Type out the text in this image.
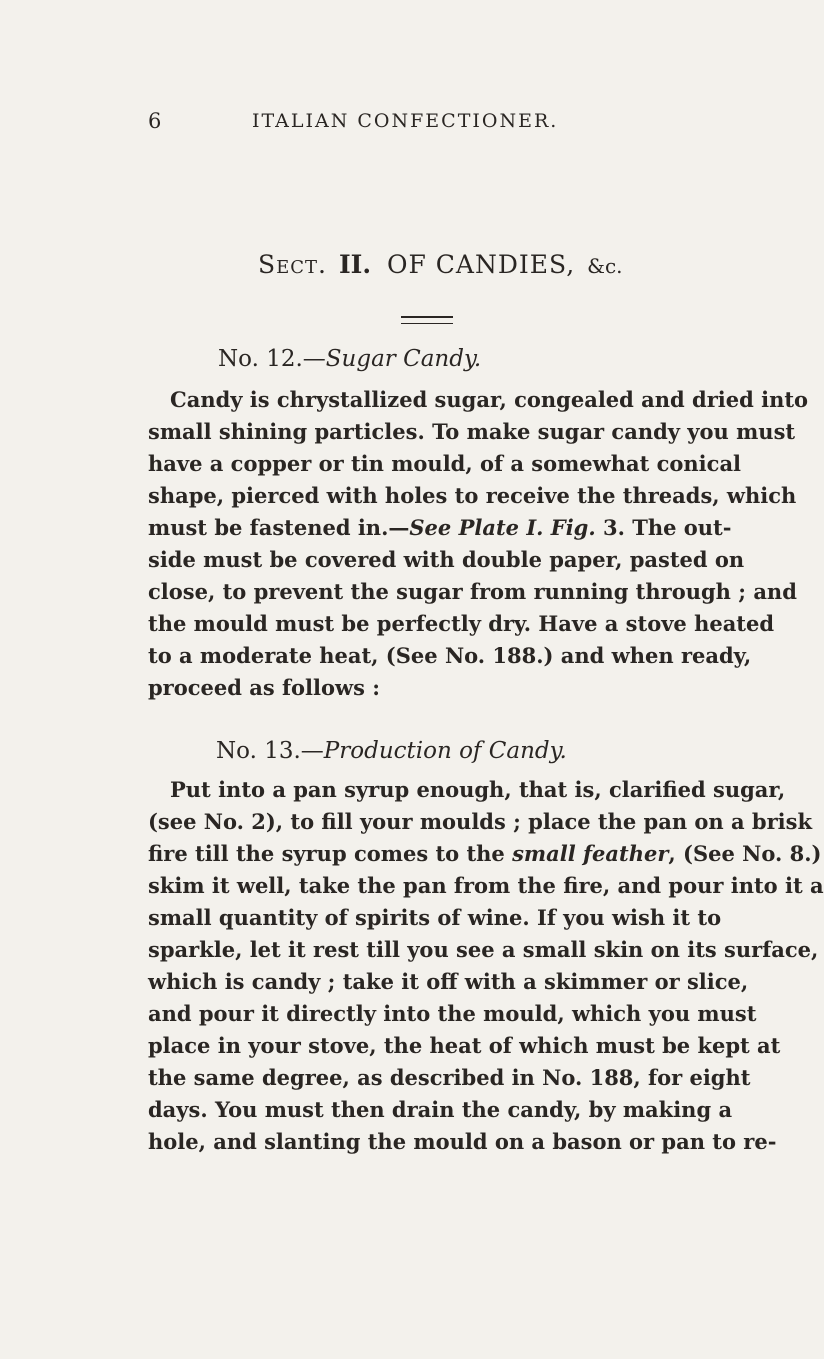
6	ITALIAN CONFECTIONER.
Sect. II. OF CANDIES, &c.
No. 12.—Sugar Candy.
Candy is chrystallized sugar, congealed and dried into
small shining particles. To make sugar candy you must
have a copper or tin mould, of a somewhat conical
shape, pierced with holes to receive the threads, which
must be fastened in.—See Plate I. Fig. 3. The out-
side must be covered with double paper, pasted on
close, to prevent the sugar from running through ; and
the mould must be perfectly dry. Have a stove heated
to a moderate heat, (See No. 188.) and when ready,
proceed as follows :
No. 13.—Production of Candy.
Put into a pan syrup enough, that is, clarified sugar,
(see No. 2), to fill your moulds ; place the pan on a brisk
fire till the syrup comes to the small feather, (See No. 8.)
skim it well, take the pan from the fire, and pour into it a
small quantity of spirits of wine. If you wish it to
sparkle, let it rest till you see a small skin on its surface,
which is candy ; take it off with a skimmer or slice,
and pour it directly into the mould, which you must
place in your stove, the heat of which must be kept at
the same degree, as described in No. 188, for eight
days. You must then drain the candy, by making a
hole, and slanting the mould on a bason or pan to re-
